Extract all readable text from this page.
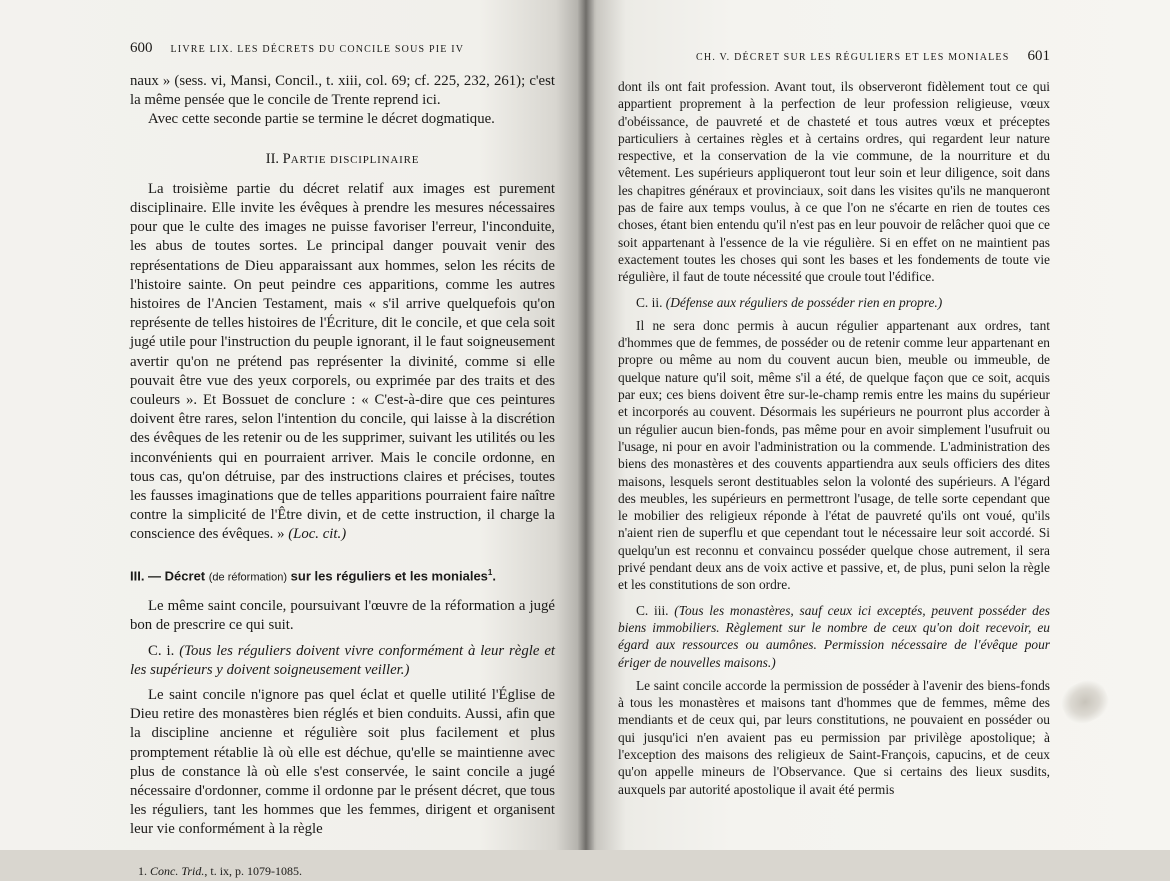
600 LIVRE LIX. LES DÉCRETS DU CONCILE SOUS PIE IV

naux » (sess. vi, Mansi, Concil., t. xiii, col. 69; cf. 225, 232, 261); c'est la même pensée que le concile de Trente reprend ici.

Avec cette seconde partie se termine le décret dogmatique.

II. PARTIE DISCIPLINAIRE

La troisième partie du décret relatif aux images est purement disciplinaire. Elle invite les évêques à prendre les mesures nécessaires pour que le culte des images ne puisse favoriser l'erreur, l'inconduite, les abus de toutes sortes. Le principal danger pouvait venir des représentations de Dieu apparaissant aux hommes, selon les récits de l'histoire sainte. On peut peindre ces apparitions, comme les autres histoires de l'Ancien Testament, mais « s'il arrive quelquefois qu'on représente de telles histoires de l'Écriture, dit le concile, et que cela soit jugé utile pour l'instruction du peuple ignorant, il le faut soigneusement avertir qu'on ne prétend pas représenter la divinité, comme si elle pouvait être vue des yeux corporels, ou exprimée par des traits et des couleurs ». Et Bossuet de conclure : « C'est-à-dire que ces peintures doivent être rares, selon l'intention du concile, qui laisse à la discrétion des évêques de les retenir ou de les supprimer, suivant les utilités ou les inconvénients qui en pourraient arriver. Mais le concile ordonne, en tous cas, qu'on détruise, par des instructions claires et précises, toutes les fausses imaginations que de telles apparitions pourraient faire naître contre la simplicité de l'Être divin, et de cette instruction, il charge la conscience des évêques. » (Loc. cit.)

III. — Décret (de réformation) sur les réguliers et les moniales$^1$.

Le même saint concile, poursuivant l'œuvre de la réformation a jugé bon de prescrire ce qui suit.

C. i. (Tous les réguliers doivent vivre conformément à leur règle et les supérieurs y doivent soigneusement veiller.)

Le saint concile n'ignore pas quel éclat et quelle utilité l'Église de Dieu retire des monastères bien réglés et bien conduits. Aussi, afin que la discipline ancienne et régulière soit plus facilement et plus promptement rétablie là où elle est déchue, qu'elle se maintienne avec plus de constance là où elle s'est conservée, le saint concile a jugé nécessaire d'ordonner, comme il ordonne par le présent décret, que tous les réguliers, tant les hommes que les femmes, dirigent et organisent leur vie conformément à la règle

1. Conc. Trid., t. ix, p. 1079-1085.
CH. V. DÉCRET SUR LES RÉGULIERS ET LES MONIALES 601

dont ils ont fait profession. Avant tout, ils observeront fidèlement tout ce qui appartient proprement à la perfection de leur profession religieuse, vœux d'obéissance, de pauvreté et de chasteté et tous autres vœux et préceptes particuliers à certaines règles et à certains ordres, qui regardent leur nature respective, et la conservation de la vie commune, de la nourriture et du vêtement. Les supérieurs appliqueront tout leur soin et leur diligence, soit dans les chapitres généraux et provinciaux, soit dans les visites qu'ils ne manqueront pas de faire aux temps voulus, à ce que l'on ne s'écarte en rien de toutes ces choses, étant bien entendu qu'il n'est pas en leur pouvoir de relâcher quoi que ce soit appartenant à l'essence de la vie régulière. Si en effet on ne maintient pas exactement toutes les choses qui sont les bases et les fondements de toute vie régulière, il faut de toute nécessité que croule tout l'édifice.

C. ii. (Défense aux réguliers de posséder rien en propre.)

Il ne sera donc permis à aucun régulier appartenant aux ordres, tant d'hommes que de femmes, de posséder ou de retenir comme leur appartenant en propre ou même au nom du couvent aucun bien, meuble ou immeuble, de quelque nature qu'il soit, même s'il a été, de quelque façon que ce soit, acquis par eux; ces biens doivent être sur-le-champ remis entre les mains du supérieur et incorporés au couvent. Désormais les supérieurs ne pourront plus accorder à un régulier aucun bien-fonds, pas même pour en avoir simplement l'usufruit ou l'usage, ni pour en avoir l'administration ou la commende. L'administration des biens des monastères et des couvents appartiendra aux seuls officiers des dites maisons, lesquels seront destituables selon la volonté des supérieurs. A l'égard des meubles, les supérieurs en permettront l'usage, de telle sorte cependant que le mobilier des religieux réponde à l'état de pauvreté qu'ils ont voué, qu'ils n'aient rien de superflu et que cependant tout le nécessaire leur soit accordé. Si quelqu'un est reconnu et convaincu posséder quelque chose autrement, il sera privé pendant deux ans de voix active et passive, et, de plus, puni selon la règle et les constitutions de son ordre.

C. iii. (Tous les monastères, sauf ceux ici exceptés, peuvent posséder des biens immobiliers. Règlement sur le nombre de ceux qu'on doit recevoir, eu égard aux ressources ou aumônes. Permission nécessaire de l'évêque pour ériger de nouvelles maisons.)

Le saint concile accorde la permission de posséder à l'avenir des biens-fonds à tous les monastères et maisons tant d'hommes que de femmes, même des mendiants et de ceux qui, par leurs constitutions, ne pouvaient en posséder ou qui jusqu'ici n'en avaient pas eu permission par privilège apostolique; à l'exception des maisons des religieux de Saint-François, capucins, et de ceux qu'on appelle mineurs de l'Observance. Que si certains des lieux susdits, auxquels par autorité apostolique il avait été permis
